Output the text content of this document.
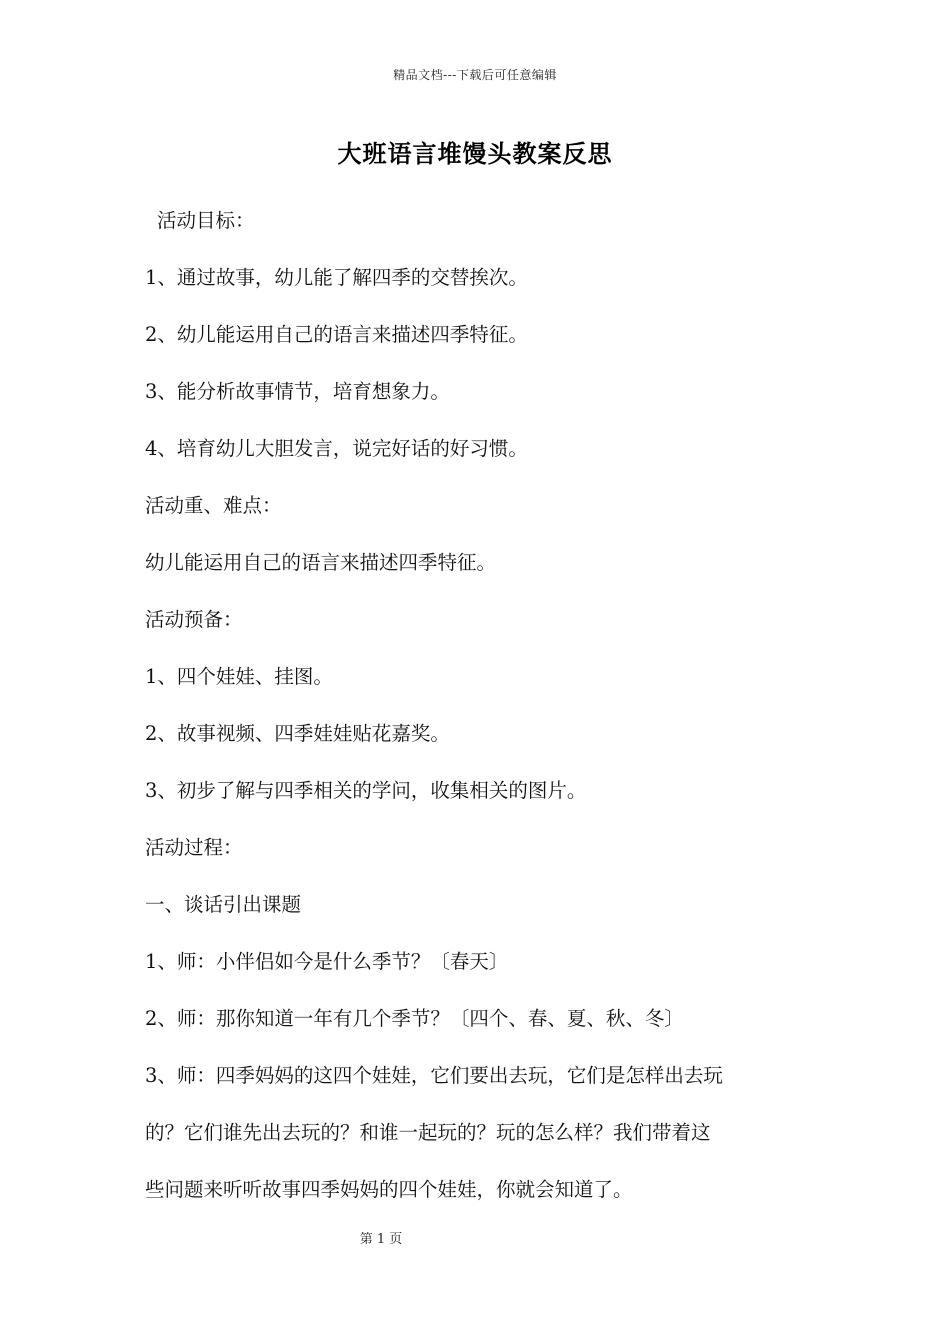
精品文档---下载后可任意编辑
大班语言堆馒头教案反思
活动目标：
1、通过故事，幼儿能了解四季的交替挨次。
2、幼儿能运用自己的语言来描述四季特征。
3、能分析故事情节，培育想象力。
4、培育幼儿大胆发言，说完好话的好习惯。
活动重、难点：
幼儿能运用自己的语言来描述四季特征。
活动预备：
1、四个娃娃、挂图。
2、故事视频、四季娃娃贴花嘉奖。
3、初步了解与四季相关的学问，收集相关的图片。
活动过程：
一、谈话引出课题
1、师：小伴侣如今是什么季节？〔春天〕
2、师：那你知道一年有几个季节？〔四个、春、夏、秋、冬〕
3、师：四季妈妈的这四个娃娃，它们要出去玩，它们是怎样出去玩
的？它们谁先出去玩的？和谁一起玩的？玩的怎么样？我们带着这
些问题来听听故事四季妈妈的四个娃娃，你就会知道了。
第 1 页
